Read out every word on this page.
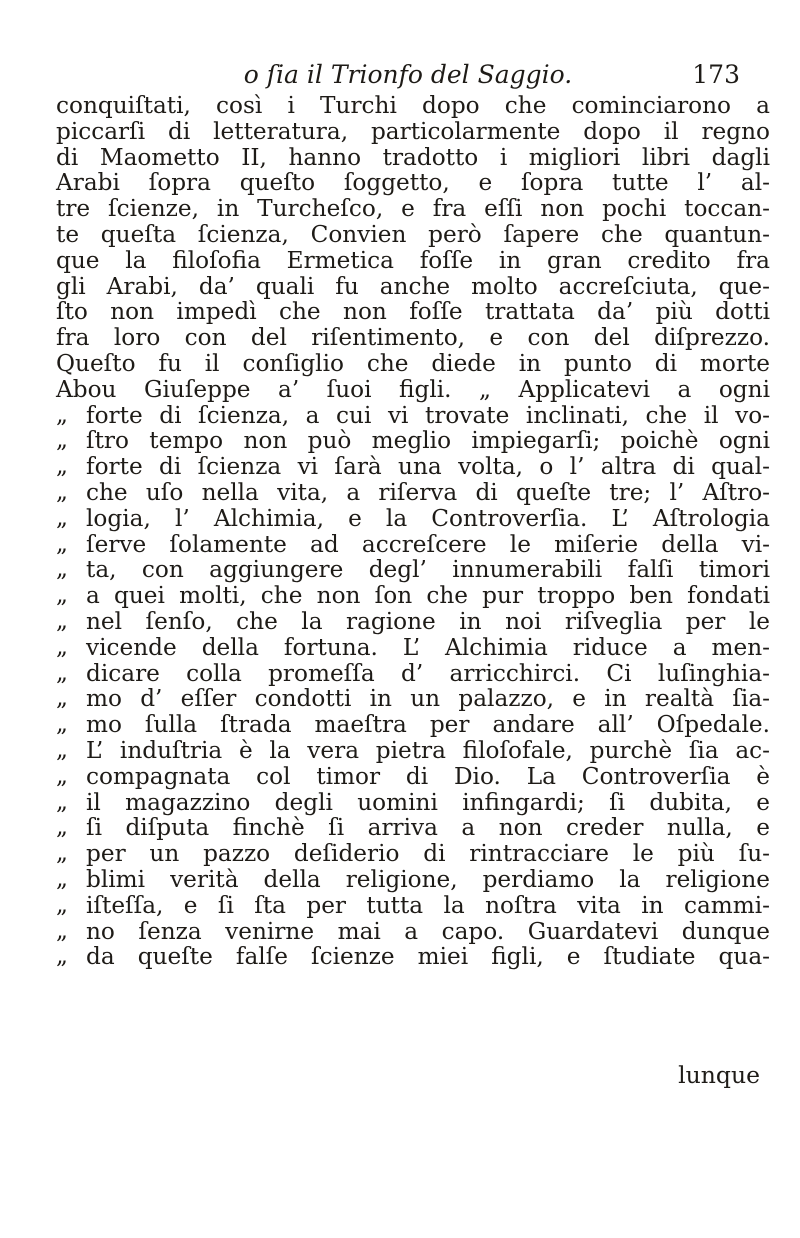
o ſia il Trionfo del Saggio.	173
conquiſtati, così i Turchi dopo che cominciarono a
piccarſi di letteratura, particolarmente dopo il regno
di Maometto II, hanno tradotto i migliori libri dagli
Arabi ſopra queſto ſoggetto, e ſopra tutte l’ al-
tre ſcienze, in Turcheſco, e fra eſſi non pochi toccan-
te queſta ſcienza, Convien però ſapere che quantun-
que la filoſofia Ermetica foſſe in gran credito fra
gli Arabi, da’ quali fu anche molto accreſciuta, que-
ſto non impedì che non foſſe trattata da’ più dotti
fra loro con del riſentimento, e con del diſprezzo.
Queſto fu il conſiglio che diede in punto di morte
Abou Giuſeppe a’ ſuoi figli. „ Applicatevi a ogni
„ forte di ſcienza, a cui vi trovate inclinati, che il vo-
„ ſtro tempo non può meglio impiegarſi; poichè ogni
„ forte di ſcienza vi ſarà una volta, o l’ altra di qual-
„ che uſo nella vita, a riſerva di queſte tre; l’ Aſtro-
„ logia, l’ Alchimia, e la Controverſia. L’ Aſtrologia
„ ſerve ſolamente ad accreſcere le miſerie della vi-
„ ta, con aggiungere degl’ innumerabili falſi timori
„ a quei molti, che non ſon che pur troppo ben fondati
„ nel ſenſo, che la ragione in noi riſveglia per le
„ vicende della fortuna. L’ Alchimia riduce a men-
„ dicare colla promeſſa d’ arricchirci. Ci luſinghia-
„ mo d’ eſſer condotti in un palazzo, e in realtà ſia-
„ mo ſulla ſtrada maeſtra per andare all’ Oſpedale.
„ L’ induſtria è la vera pietra filoſofale, purchè ſia ac-
„ compagnata col timor di Dio. La Controverſia è
„ il magazzino degli uomini infingardi; ſi dubita, e
„ ſi diſputa finchè ſi arriva a non creder nulla, e
„ per un pazzo deſiderio di rintracciare le più ſu-
„ blimi verità della religione, perdiamo la religione
„ iſteſſa, e ſi ſta per tutta la noſtra vita in cammi-
„ no ſenza venirne mai a capo. Guardatevi dunque
„ da queſte falſe ſcienze miei figli, e ſtudiate qua-
lunque
